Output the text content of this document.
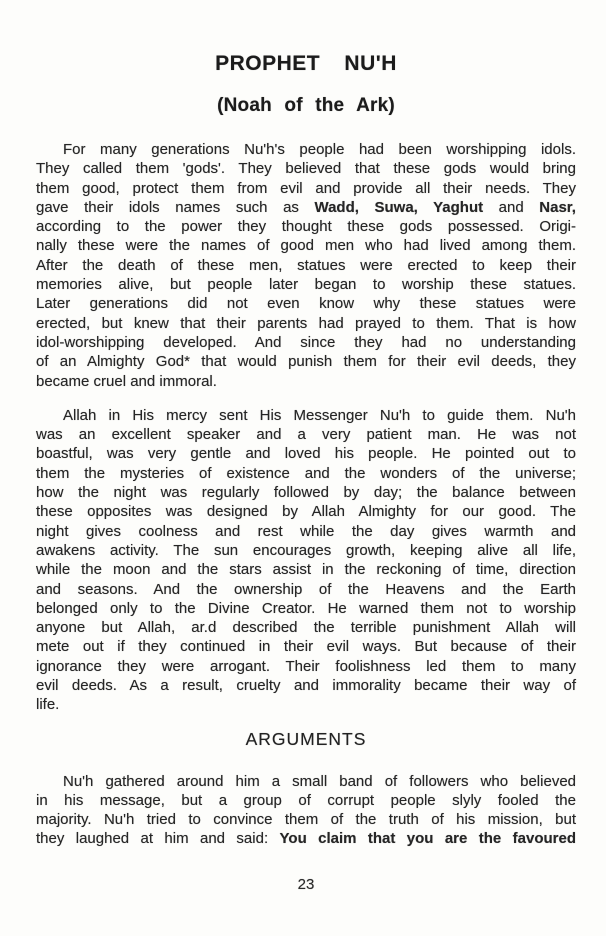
PROPHET NU'H
(Noah of the Ark)
For many generations Nu'h's people had been worshipping idols.
They called them 'gods'. They believed that these gods would bring
them good, protect them from evil and provide all their needs. They
gave their idols names such as Wadd, Suwa, Yaghut and Nasr,
according to the power they thought these gods possessed. Origi-
nally these were the names of good men who had lived among them.
After the death of these men, statues were erected to keep their
memories alive, but people later began to worship these statues.
Later generations did not even know why these statues were
erected, but knew that their parents had prayed to them. That is how
idol-worshipping developed. And since they had no understanding
of an Almighty God* that would punish them for their evil deeds, they
became cruel and immoral.
Allah in His mercy sent His Messenger Nu'h to guide them. Nu'h
was an excellent speaker and a very patient man. He was not
boastful, was very gentle and loved his people. He pointed out to
them the mysteries of existence and the wonders of the universe;
how the night was regularly followed by day; the balance between
these opposites was designed by Allah Almighty for our good. The
night gives coolness and rest while the day gives warmth and
awakens activity. The sun encourages growth, keeping alive all life,
while the moon and the stars assist in the reckoning of time, direction
and seasons. And the ownership of the Heavens and the Earth
belonged only to the Divine Creator. He warned them not to worship
anyone but Allah, ar.d described the terrible punishment Allah will
mete out if they continued in their evil ways. But because of their
ignorance they were arrogant. Their foolishness led them to many
evil deeds. As a result, cruelty and immorality became their way of
life.
ARGUMENTS
Nu'h gathered around him a small band of followers who believed
in his message, but a group of corrupt people slyly fooled the
majority. Nu'h tried to convince them of the truth of his mission, but
they laughed at him and said: You claim that you are the favoured
23
